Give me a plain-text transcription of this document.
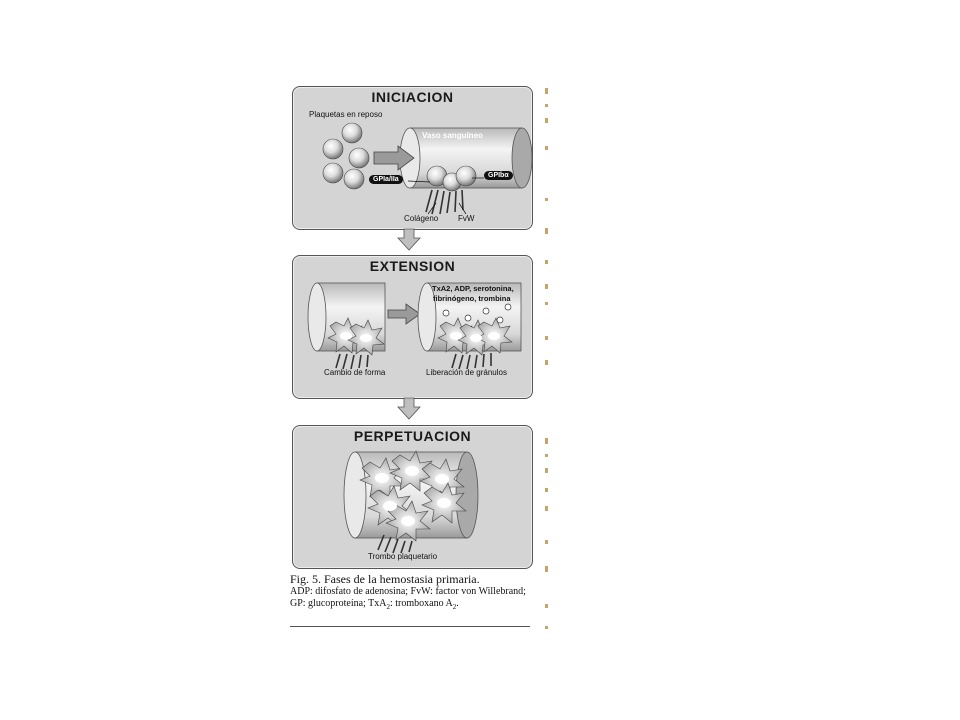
INICIACION
EXTENSION
PERPETUACION
Plaquetas en reposo
Vaso sanguíneo
GPIa/IIa
GPIbα
Colágeno FvW
TxA2, ADP, serotonina,
fibrinógeno, trombina
Cambio de forma	Liberación de gránulos
Trombo plaquetario
Fig. 5. Fases de la hemostasia primaria.
ADP: difosfato de adenosina; FvW: factor von Willebrand;
GP: glucoproteína; TxA$_2$: tromboxano $A_2$.
